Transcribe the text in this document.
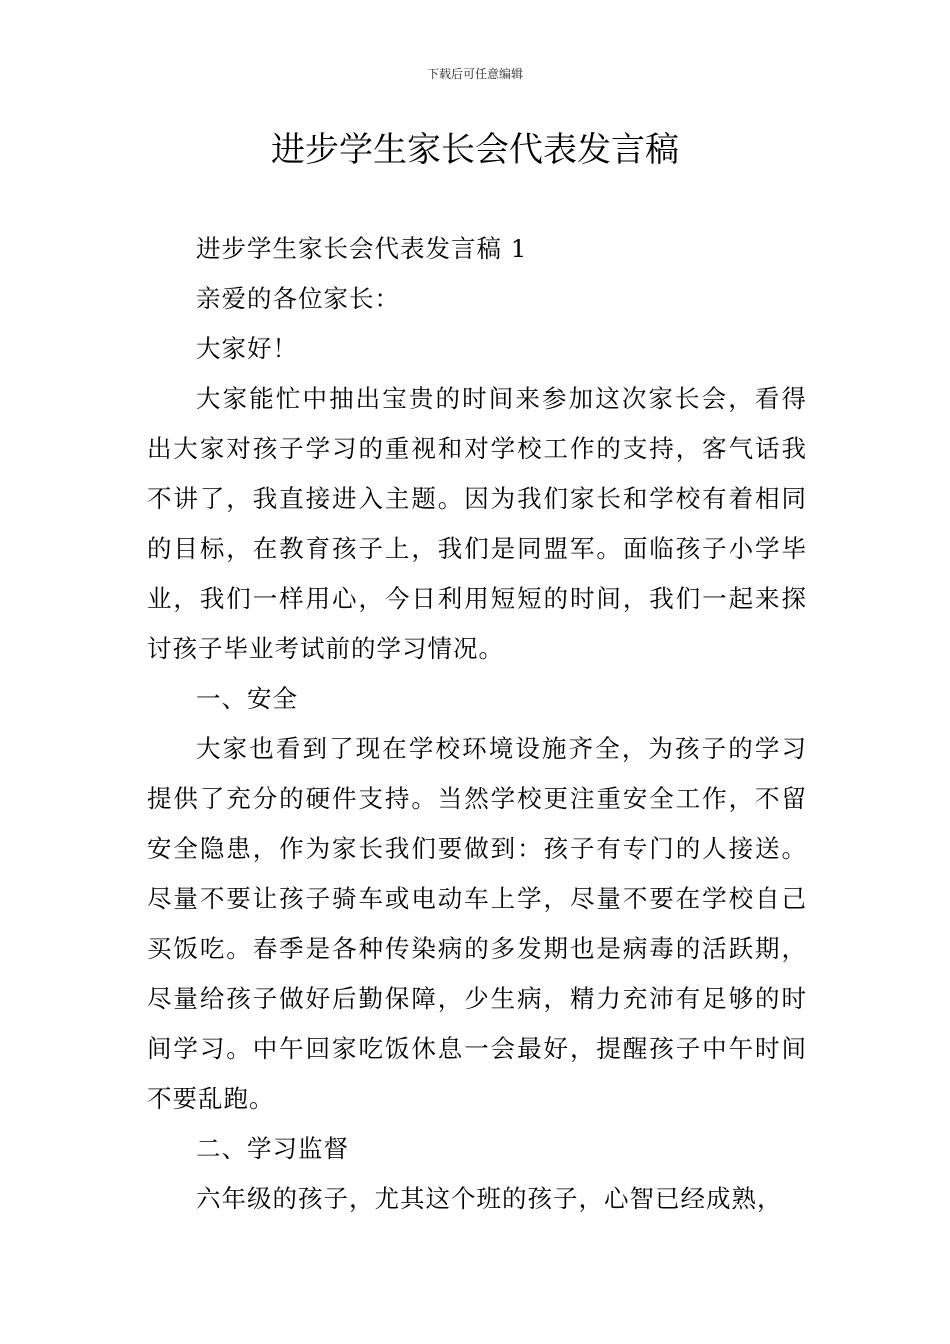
下载后可任意编辑
进步学生家长会代表发言稿

进步学生家长会代表发言稿 1

亲爱的各位家长：

大家好！

大家能忙中抽出宝贵的时间来参加这次家长会，看得出大家对孩子学习的重视和对学校工作的支持，客气话我不讲了，我直接进入主题。因为我们家长和学校有着相同的目标，在教育孩子上，我们是同盟军。面临孩子小学毕业，我们一样用心，今日利用短短的时间，我们一起来探讨孩子毕业考试前的学习情况。

一、安全

大家也看到了现在学校环境设施齐全，为孩子的学习提供了充分的硬件支持。当然学校更注重安全工作，不留安全隐患，作为家长我们要做到：孩子有专门的人接送。尽量不要让孩子骑车或电动车上学，尽量不要在学校自己买饭吃。春季是各种传染病的多发期也是病毒的活跃期，尽量给孩子做好后勤保障，少生病，精力充沛有足够的时间学习。中午回家吃饭休息一会最好，提醒孩子中午时间不要乱跑。

二、学习监督

六年级的孩子，尤其这个班的孩子，心智已经成熟，
